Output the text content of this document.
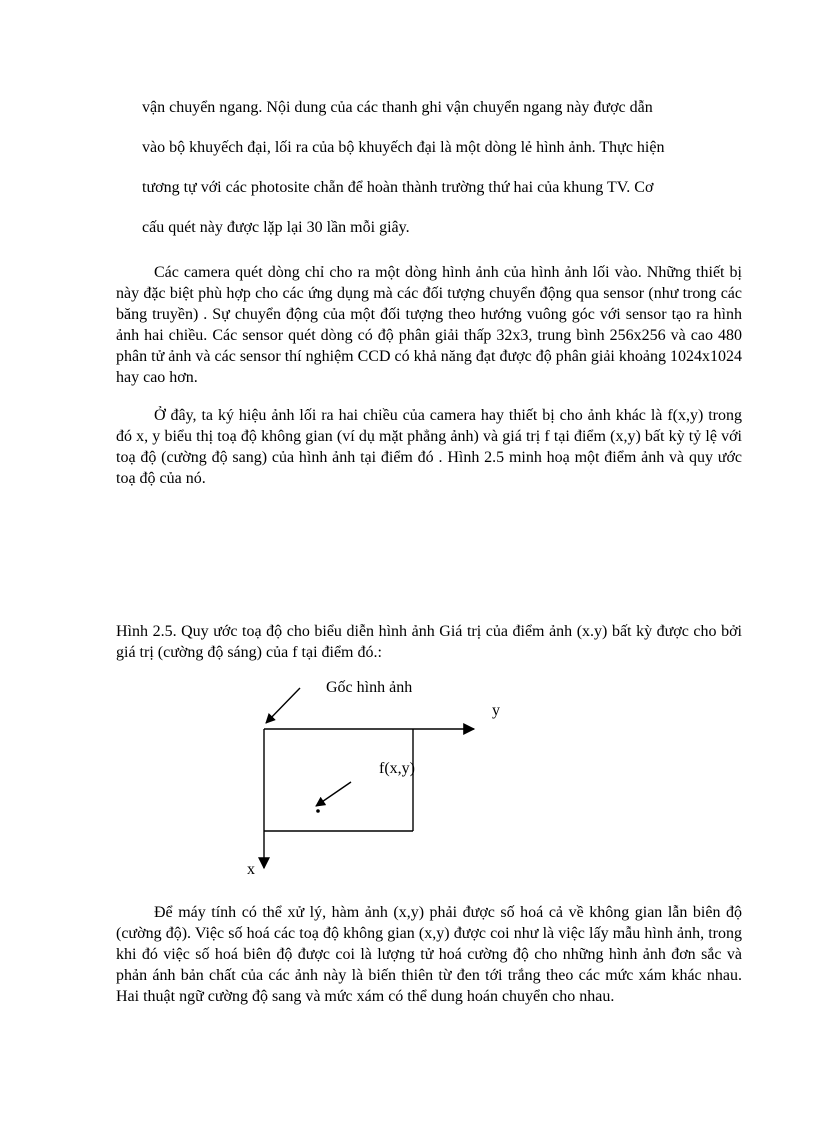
vận chuyển ngang. Nội dung của các thanh ghi vận chuyển ngang này được dẫn
vào bộ khuyếch đại, lối ra của bộ khuyếch đại là một dòng lẻ hình ảnh. Thực hiện
tương tự với các photosite chẵn để hoàn thành trường thứ hai của khung TV. Cơ
cấu quét này được lặp lại 30 lần mỗi giây.

Các camera quét dòng chỉ cho ra một dòng hình ảnh của hình ảnh lối vào. Những thiết bị này đặc biệt phù hợp cho các ứng dụng mà các đối tượng chuyển động qua sensor (như trong các băng truyền) . Sự chuyển động của một đối tượng theo hướng vuông góc với sensor tạo ra hình ảnh hai chiều. Các sensor quét dòng có độ phân giải thấp 32x3, trung bình 256x256 và cao 480 phân tử ảnh và các sensor thí nghiệm CCD có khả năng đạt được độ phân giải khoảng 1024x1024 hay cao hơn.

Ở đây, ta ký hiệu ảnh lối ra hai chiều của camera hay thiết bị cho ảnh khác là f(x,y) trong đó x, y biểu thị toạ độ không gian (ví dụ mặt phẳng ảnh) và giá trị f tại điểm (x,y) bất kỳ tỷ lệ với toạ độ (cường độ sang) của hình ảnh tại điểm đó . Hình 2.5 minh hoạ một điểm ảnh và quy ước toạ độ của nó.

Hình 2.5. Quy ước toạ độ cho biểu diễn hình ảnh Giá trị của điểm ảnh (x.y) bất kỳ được cho bởi giá trị (cường độ sáng) của f tại điểm đó.:

Gốc hình ảnh
y
f(x,y)
x

Để máy tính có thể xử lý, hàm ảnh (x,y) phải được số hoá cả về không gian lẫn biên độ (cường độ). Việc số hoá các toạ độ không gian (x,y) được coi như là việc lấy mẫu hình ảnh, trong khi đó việc số hoá biên độ được coi là lượng tử hoá cường độ cho những hình ảnh đơn sắc và phản ánh bản chất của các ảnh này là biến thiên từ đen tới trắng theo các mức xám khác nhau. Hai thuật ngữ cường độ sang và mức xám có thể dung hoán chuyển cho nhau.
